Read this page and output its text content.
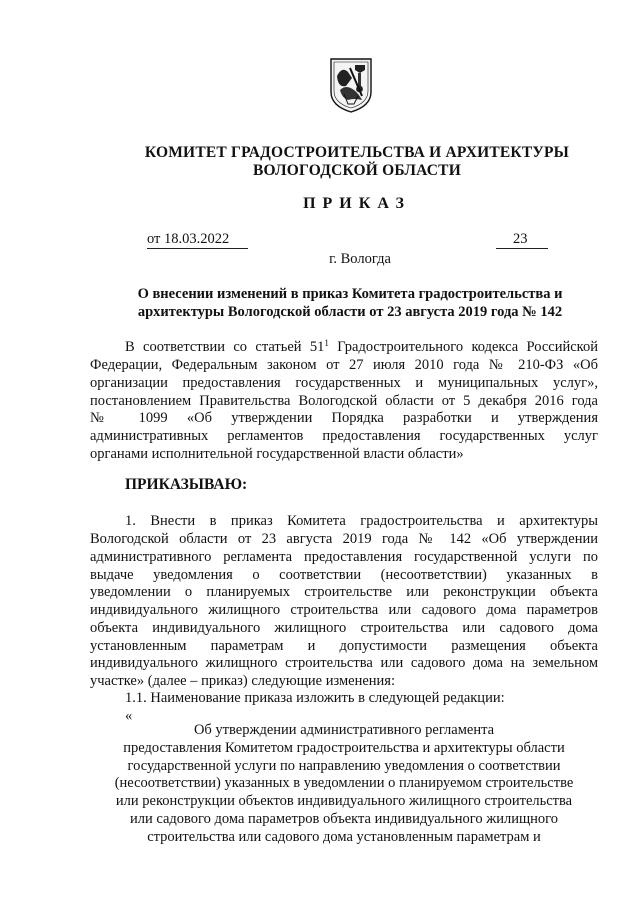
КОМИТЕТ ГРАДОСТРОИТЕЛЬСТВА И АРХИТЕКТУРЫ
ВОЛОГОДСКОЙ ОБЛАСТИ
ПРИКАЗ
от 18.03.2022	23
г. Вологда
О внесении изменений в приказ Комитета градостроительства и
архитектуры Вологодской области от 23 августа 2019 года № 142
В соответствии со статьей $51^1$ Градостроительного кодекса Российской
Федерации, Федеральным законом от 27 июля 2010 года № 210-ФЗ «Об
организации предоставления государственных и муниципальных услуг»,
постановлением Правительства Вологодской области от 5 декабря 2016 года
№ 1099 «Об утверждении Порядка разработки и утверждения
административных регламентов предоставления государственных услуг
органами исполнительной государственной власти области»
ПРИКАЗЫВАЮ:
1. Внести в приказ Комитета градостроительства и архитектуры
Вологодской области от 23 августа 2019 года № 142 «Об утверждении
административного регламента предоставления государственной услуги по
выдаче уведомления о соответствии (несоответствии) указанных в
уведомлении о планируемых строительстве или реконструкции объекта
индивидуального жилищного строительства или садового дома параметров
объекта индивидуального жилищного строительства или садового дома
установленным параметрам и допустимости размещения объекта
индивидуального жилищного строительства или садового дома на земельном
участке» (далее – приказ) следующие изменения:
1.1. Наименование приказа изложить в следующей редакции:
«
Об утверждении административного регламента
предоставления Комитетом градостроительства и архитектуры области
государственной услуги по направлению уведомления о соответствии
(несоответствии) указанных в уведомлении о планируемом строительстве
или реконструкции объектов индивидуального жилищного строительства
или садового дома параметров объекта индивидуального жилищного
строительства или садового дома установленным параметрам и
